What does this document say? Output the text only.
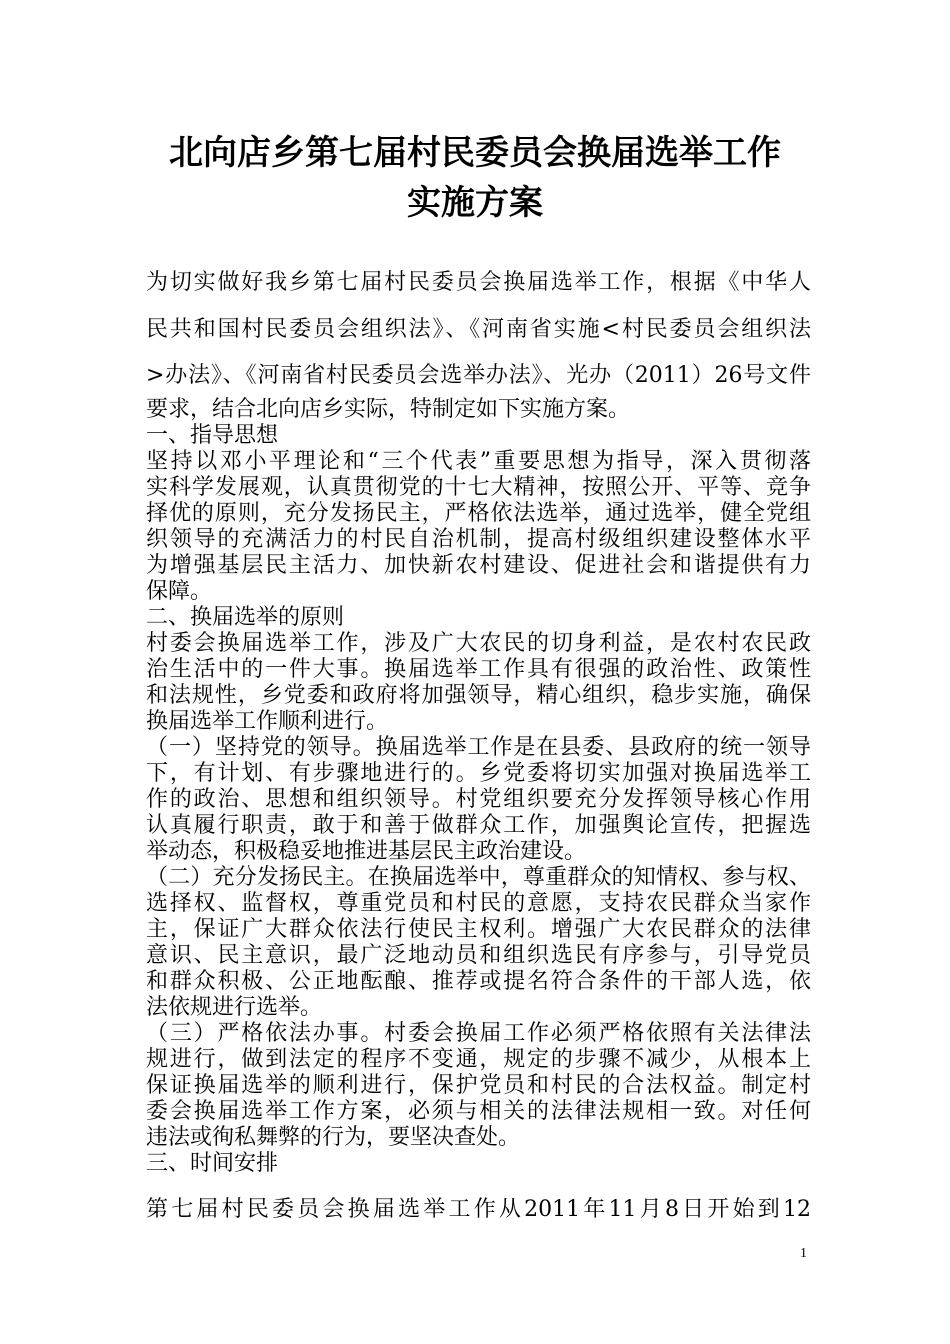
北向店乡第七届村民委员会换届选举工作
实施方案
为切实做好我乡第七届村民委员会换届选举工作，根据《中华人
民共和国村民委员会组织法》、《河南省实施<村民委员会组织法
>办法》、《河南省村民委员会选举办法》、光办（2011）26号文件
要求，结合北向店乡实际，特制定如下实施方案。
一、指导思想
坚持以邓小平理论和“三个代表”重要思想为指导，深入贯彻落
实科学发展观，认真贯彻党的十七大精神，按照公开、平等、竞争
择优的原则，充分发扬民主，严格依法选举，通过选举，健全党组
织领导的充满活力的村民自治机制，提高村级组织建设整体水平
为增强基层民主活力、加快新农村建设、促进社会和谐提供有力
保障。
二、换届选举的原则
村委会换届选举工作，涉及广大农民的切身利益，是农村农民政
治生活中的一件大事。换届选举工作具有很强的政治性、政策性
和法规性，乡党委和政府将加强领导，精心组织，稳步实施，确保
换届选举工作顺利进行。
（一）坚持党的领导。换届选举工作是在县委、县政府的统一领导
下，有计划、有步骤地进行的。乡党委将切实加强对换届选举工
作的政治、思想和组织领导。村党组织要充分发挥领导核心作用
认真履行职责，敢于和善于做群众工作，加强舆论宣传，把握选
举动态，积极稳妥地推进基层民主政治建设。
（二）充分发扬民主。在换届选举中，尊重群众的知情权、参与权、
选择权、监督权，尊重党员和村民的意愿，支持农民群众当家作
主，保证广大群众依法行使民主权利。增强广大农民群众的法律
意识、民主意识，最广泛地动员和组织选民有序参与，引导党员
和群众积极、公正地酝酿、推荐或提名符合条件的干部人选，依
法依规进行选举。
（三）严格依法办事。村委会换届工作必须严格依照有关法律法
规进行，做到法定的程序不变通，规定的步骤不减少，从根本上
保证换届选举的顺利进行，保护党员和村民的合法权益。制定村
委会换届选举工作方案，必须与相关的法律法规相一致。对任何
违法或徇私舞弊的行为，要坚决查处。
三、时间安排
第七届村民委员会换届选举工作从2011年11月8日开始到12
1
